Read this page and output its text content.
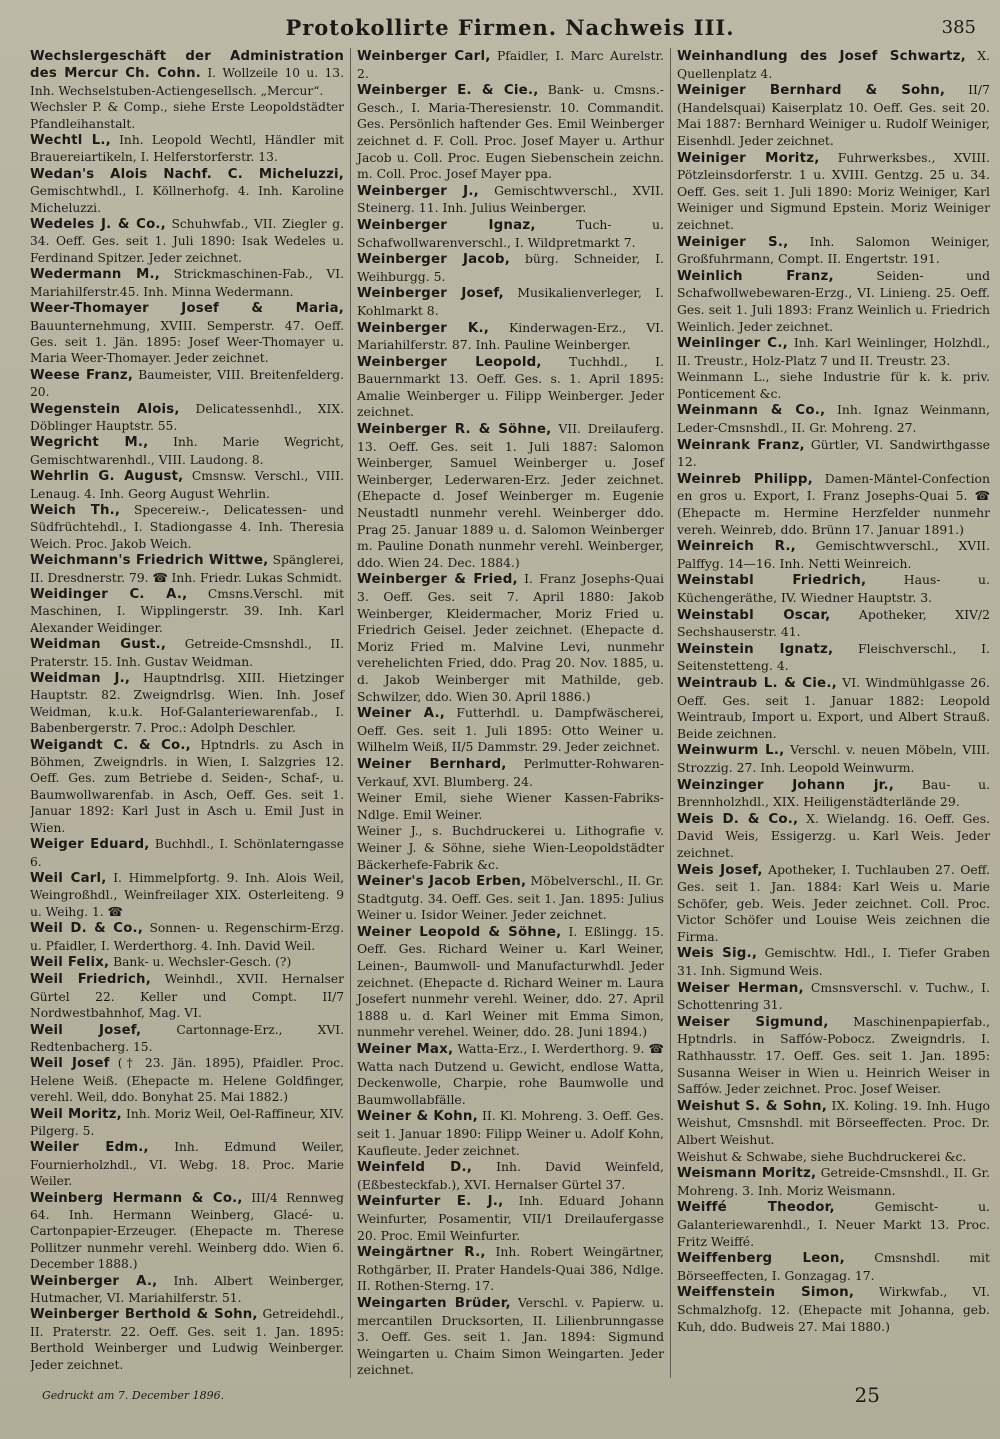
Protokollirte Firmen. Nachweis III.	385

Wechslergeschäft der Administration des Mercur Ch. Cohn. I. Wollzeile 10 u. 13. Inh. Wechselstuben-Actiengesellsch. „Mercur“.

Wechsler P. & Comp., siehe Erste Leopoldstädter Pfandleihanstalt.

Wechtl L., Inh. Leopold Wechtl, Händler mit Brauereiartikeln, I. Helferstorferstr. 13.

Wedan's Alois Nachf. C. Micheluzzi, Gemischtwhdl., I. Köllnerhofg. 4. Inh. Karoline Micheluzzi.

Wedeles J. & Co., Schuhwfab., VII. Ziegler g. 34. Oeff. Ges. seit 1. Juli 1890: Isak Wedeles u. Ferdinand Spitzer. Jeder zeichnet.

Wedermann M., Strickmaschinen-Fab., VI. Mariahilferstr.45. Inh. Minna Wedermann.

Weer-Thomayer Josef & Maria, Bauunternehmung, XVIII. Semperstr. 47. Oeff. Ges. seit 1. Jän. 1895: Josef Weer-Thomayer u. Maria Weer-Thomayer. Jeder zeichnet.

Weese Franz, Baumeister, VIII. Breitenfelderg. 20.

Wegenstein Alois, Delicatessenhdl., XIX. Döblinger Hauptstr. 55.

Wegricht M., Inh. Marie Wegricht, Gemischtwarenhdl., VIII. Laudong. 8.

Wehrlin G. August, Cmsnsw. Verschl., VIII. Lenaug. 4. Inh. Georg August Wehrlin.

Weich Th., Specereiw.-, Delicatessen- und Südfrüchtehdl., I. Stadiongasse 4. Inh. Theresia Weich. Proc. Jakob Weich.

Weichmann's Friedrich Wittwe, Spänglerei, II. Dresdnerstr. 79. ☎ Inh. Friedr. Lukas Schmidt.

Weidinger C. A., Cmsns.Verschl. mit Maschinen, I. Wipplingerstr. 39. Inh. Karl Alexander Weidinger.

Weidman Gust., Getreide-Cmsnshdl., II. Praterstr. 15. Inh. Gustav Weidman.

Weidman J., Hauptndrlsg. XIII. Hietzinger Hauptstr. 82. Zweigndrlsg. Wien. Inh. Josef Weidman, k.u.k. Hof-Galanteriewarenfab., I. Babenbergerstr. 7. Proc.: Adolph Deschler.

Weigandt C. & Co., Hptndrls. zu Asch in Böhmen, Zweigndrls. in Wien, I. Salzgries 12. Oeff. Ges. zum Betriebe d. Seiden-, Schaf-, u. Baumwollwarenfab. in Asch, Oeff. Ges. seit 1. Januar 1892: Karl Just in Asch u. Emil Just in Wien.

Weiger Eduard, Buchhdl., I. Schönlaterngasse 6.

Weil Carl, I. Himmelpfortg. 9. Inh. Alois Weil, Weingroßhdl., Weinfreilager XIX. Osterleiteng. 9 u. Weihg. 1. ☎

Weil D. & Co., Sonnen- u. Regenschirm-Erzg. u. Pfaidler, I. Werderthorg. 4. Inh. David Weil.

Weil Felix, Bank- u. Wechsler-Gesch. (?)

Weil Friedrich, Weinhdl., XVII. Hernalser Gürtel 22. Keller und Compt. II/7 Nordwestbahnhof, Mag. VI.

Weil Josef,	Cartonnage-Erz., XVI. Redtenbacherg. 15.

Weil Josef († 23. Jän. 1895), Pfaidler. Proc. Helene Weiß. (Ehepacte m. Helene Goldfinger, verehl. Weil, ddo. Bonyhat 25. Mai 1882.)

Weil Moritz, Inh. Moriz Weil, Oel-Raffineur, XIV. Pilgerg. 5.

Weiler Edm., Inh. Edmund Weiler, Fournierholzhdl., VI. Webg. 18. Proc. Marie Weiler.

Weinberg Hermann & Co., III/4 Rennweg 64. Inh. Hermann Weinberg, Glacé- u. Cartonpapier-Erzeuger. (Ehepacte m. Therese Pollitzer nunmehr verehl. Weinberg ddo. Wien 6. December 1888.)

Weinberger A., Inh. Albert Weinberger, Hutmacher, VI. Mariahilferstr. 51.

Weinberger Berthold & Sohn, Getreidehdl., II. Praterstr. 22. Oeff. Ges. seit 1. Jan. 1895: Berthold Weinberger und Ludwig Weinberger. Jeder zeichnet.

Weinberger Carl, Pfaidler, I. Marc Aurelstr. 2.

Weinberger E. & Cie., Bank- u. Cmsns.-Gesch., I. Maria-Theresienstr. 10. Commandit. Ges. Persönlich haftender Ges. Emil Weinberger zeichnet d. F. Coll. Proc. Josef Mayer u. Arthur Jacob u. Coll. Proc. Eugen Siebenschein zeichn. m. Coll. Proc. Josef Mayer ppa.

Weinberger J., Gemischtwverschl., XVII. Steinerg. 11. Inh. Julius Weinberger.

Weinberger Ignaz,	Tuch- u. Schafwollwarenverschl., I. Wildpretmarkt 7.

Weinberger Jacob, bürg. Schneider, I. Weihburgg. 5.

Weinberger Josef, Musikalienverleger, I. Kohlmarkt 8.

Weinberger K., Kinderwagen-Erz., VI. Mariahilferstr. 87. Inh. Pauline Weinberger.

Weinberger Leopold, Tuchhdl., I. Bauernmarkt 13. Oeff. Ges. s. 1. April 1895: Amalie Weinberger u. Filipp Weinberger. Jeder zeichnet.

Weinberger R. & Söhne, VII. Dreilauferg. 13. Oeff. Ges. seit 1. Juli 1887: Salomon Weinberger, Samuel Weinberger u. Josef Weinberger, Lederwaren-Erz. Jeder zeichnet. (Ehepacte d. Josef Weinberger m. Eugenie Neustadtl nunmehr verehl. Weinberger ddo. Prag 25. Januar 1889 u. d. Salomon Weinberger m. Pauline Donath nunmehr verehl. Weinberger, ddo. Wien 24. Dec. 1884.)

Weinberger & Fried, I. Franz Josephs-Quai 3. Oeff. Ges. seit 7. April 1880: Jakob Weinberger, Kleidermacher, Moriz Fried u. Friedrich Geisel. Jeder zeichnet. (Ehepacte d. Moriz Fried m. Malvine Levi, nunmehr verehelichten Fried, ddo. Prag 20. Nov. 1885, u. d. Jakob Weinberger mit Mathilde, geb. Schwilzer, ddo. Wien 30. April 1886.)

Weiner A., Futterhdl. u. Dampfwäscherei, Oeff. Ges. seit 1. Juli 1895: Otto Weiner u. Wilhelm Weiß, II/5 Dammstr. 29. Jeder zeichnet.

Weiner Bernhard, Perlmutter-Rohwaren-Verkauf, XVI. Blumberg. 24.

Weiner Emil, siehe Wiener Kassen-Fabriks-Ndlge. Emil Weiner.

Weiner J., s. Buchdruckerei u. Lithografie v. Weiner J. & Söhne, siehe Wien-Leopoldstädter Bäckerhefe-Fabrik &c.

Weiner's Jacob Erben, Möbelverschl., II. Gr. Stadtgutg. 34. Oeff. Ges. seit 1. Jan. 1895: Julius Weiner u. Isidor Weiner. Jeder zeichnet.

Weiner Leopold & Söhne, I. Eßlingg. 15. Oeff. Ges. Richard Weiner u. Karl Weiner, Leinen-, Baumwoll- und Manufacturwhdl. Jeder zeichnet. (Ehepacte d. Richard Weiner m. Laura Josefert nunmehr verehl. Weiner, ddo. 27. April 1888 u. d. Karl Weiner mit Emma Simon, nunmehr verehel. Weiner, ddo. 28. Juni 1894.)

Weiner Max, Watta-Erz., I. Werderthorg. 9. ☎ Watta nach Dutzend u. Gewicht, endlose Watta, Deckenwolle, Charpie, rohe Baumwolle und Baumwollabfälle.

Weiner & Kohn, II. Kl. Mohreng. 3. Oeff. Ges. seit 1. Januar 1890: Filipp Weiner u. Adolf Kohn, Kaufleute. Jeder zeichnet.

Weinfeld D., Inh. David Weinfeld, (Eßbesteckfab.), XVI. Hernalser Gürtel 37.

Weinfurter E. J., Inh. Eduard Johann Weinfurter, Posamentir, VII/1 Dreilaufergasse 20. Proc. Emil Weinfurter.

Weingärtner R., Inh. Robert Weingärtner, Rothgärber, II. Prater Handels-Quai 386, Ndlge. II. Rothen-Sterng. 17.

Weingarten Brüder, Verschl. v. Papierw. u. mercantilen Drucksorten, II. Lilienbrunngasse 3. Oeff. Ges. seit 1. Jan. 1894: Sigmund Weingarten u. Chaim Simon Weingarten. Jeder zeichnet.

Weinhandlung des Josef Schwartz, X. Quellenplatz 4.

Weiniger Bernhard & Sohn, II/7 (Handelsquai) Kaiserplatz 10. Oeff. Ges. seit 20. Mai 1887: Bernhard Weiniger u. Rudolf Weiniger, Eisenhdl. Jeder zeichnet.

Weiniger Moritz, Fuhrwerksbes., XVIII. Pötzleinsdorferstr. 1 u. XVIII. Gentzg. 25 u. 34. Oeff. Ges. seit 1. Juli 1890: Moriz Weiniger, Karl Weiniger und Sigmund Epstein. Moriz Weiniger zeichnet.

Weiniger S., Inh. Salomon Weiniger, Großfuhrmann, Compt. II. Engertstr. 191.

Weinlich Franz,	Seiden- und Schafwollwebewaren-Erzg., VI. Linieng. 25. Oeff. Ges. seit 1. Juli 1893: Franz Weinlich u. Friedrich Weinlich. Jeder zeichnet.

Weinlinger C., Inh. Karl Weinlinger, Holzhdl., II. Treustr., Holz-Platz 7 und II. Treustr. 23.

Weinmann L., siehe Industrie für k. k. priv. Ponticement &c.

Weinmann & Co., Inh. Ignaz Weinmann, Leder-Cmsnshdl., II. Gr. Mohreng. 27.

Weinrank Franz, Gürtler, VI. Sandwirthgasse 12.

Weinreb Philipp, Damen-Mäntel-Confection en gros u. Export, I. Franz Josephs-Quai 5. ☎ (Ehepacte m. Hermine Herzfelder nunmehr vereh. Weinreb, ddo. Brünn 17. Januar 1891.)

Weinreich R., Gemischtwverschl., XVII. Palffyg. 14—16. Inh. Netti Weinreich.

Weinstabl Friedrich,	Haus- u. Küchengeräthe, IV. Wiedner Hauptstr. 3.

Weinstabl Oscar, Apotheker, XIV/2 Sechshauserstr. 41.

Weinstein Ignatz, Fleischverschl., I. Seitenstetteng. 4.

Weintraub L. & Cie., VI. Windmühlgasse 26. Oeff. Ges. seit 1. Januar 1882: Leopold Weintraub, Import u. Export, und Albert Strauß. Beide zeichnen.

Weinwurm L., Verschl. v. neuen Möbeln, VIII. Strozzig. 27. Inh. Leopold Weinwurm.

Weinzinger Johann jr., Bau- u. Brennholzhdl., XIX. Heiligenstädterlände 29.

Weis D. & Co., X. Wielandg. 16. Oeff. Ges. David Weis, Essigerzg. u. Karl Weis. Jeder zeichnet.

Weis Josef, Apotheker, I. Tuchlauben 27. Oeff. Ges. seit 1. Jan. 1884: Karl Weis u. Marie Schöfer, geb. Weis. Jeder zeichnet. Coll. Proc. Victor Schöfer und Louise Weis zeichnen die Firma.

Weis Sig., Gemischtw. Hdl., I. Tiefer Graben 31. Inh. Sigmund Weis.

Weiser Herman, Cmsnsverschl. v. Tuchw., I. Schottenring 31.

Weiser Sigmund, Maschinenpapierfab., Hptndrls. in Saffów-Pobocz. Zweigndrls. I. Rathhausstr. 17. Oeff. Ges. seit 1. Jan. 1895: Susanna Weiser in Wien u. Heinrich Weiser in Saffów. Jeder zeichnet. Proc. Josef Weiser.

Weishut S. & Sohn, IX. Koling. 19. Inh. Hugo Weishut, Cmsnshdl. mit Börseeffecten. Proc. Dr. Albert Weishut.

Weishut & Schwabe, siehe Buchdruckerei &c.

Weismann Moritz, Getreide-Cmsnshdl., II. Gr. Mohreng. 3. Inh. Moriz Weismann.

Weiffé Theodor,	Gemischt- u. Galanteriewarenhdl., I. Neuer Markt 13. Proc. Fritz Weiffé.

Weiffenberg Leon, Cmsnshdl. mit Börseeffecten, I. Gonzagag. 17.

Weiffenstein Simon, Wirkwfab., VI. Schmalzhofg. 12. (Ehepacte mit Johanna, geb. Kuh, ddo. Budweis 27. Mai 1880.)

Gedruckt am 7. December 1896.	25
